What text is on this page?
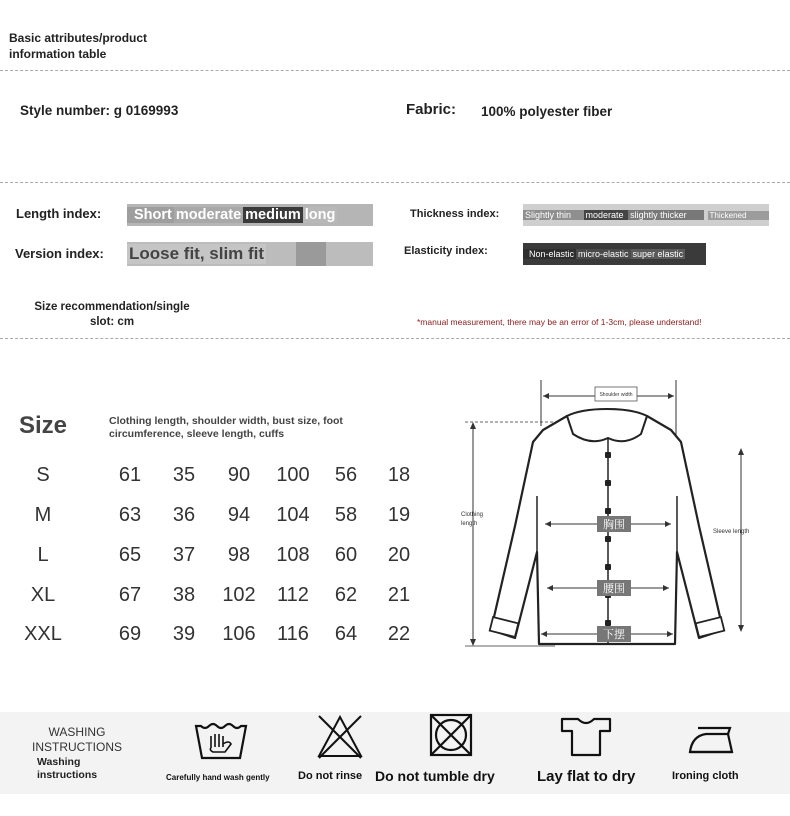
Basic attributes/product
information table
Style number: g 0169993	Fabric: 100% polyester fiber
Length index:	Short moderate medium long
Version index: Loose fit, slim fit
Thickness index:	Slightly thin	moderate slightly thicker	Thickened
Elasticity index:	Non-elastic micro-elastic super elastic
Size recommendation/single
slot: cm	*manual measurement, there may be an error of 1-3cm, please understand!
Size	Clothing length, shoulder width, bust size, foot circumference, sleeve length, cuffs
S	61	35	90	100	56	18
M	63	36	94	104	58	19
L	65	37	98	108	60	20
XL	67	38	102	112	62	21
XXL	69	39	106	116	64	22
Shoulder width
Clothing
length
Sleeve length
胸围
腰围
下摆
WASHING
INSTRUCTIONS
Washing
instructions	Carefully hand wash gently	Do not rinse Do not tumble dry	Lay flat to dry	Ironing cloth
